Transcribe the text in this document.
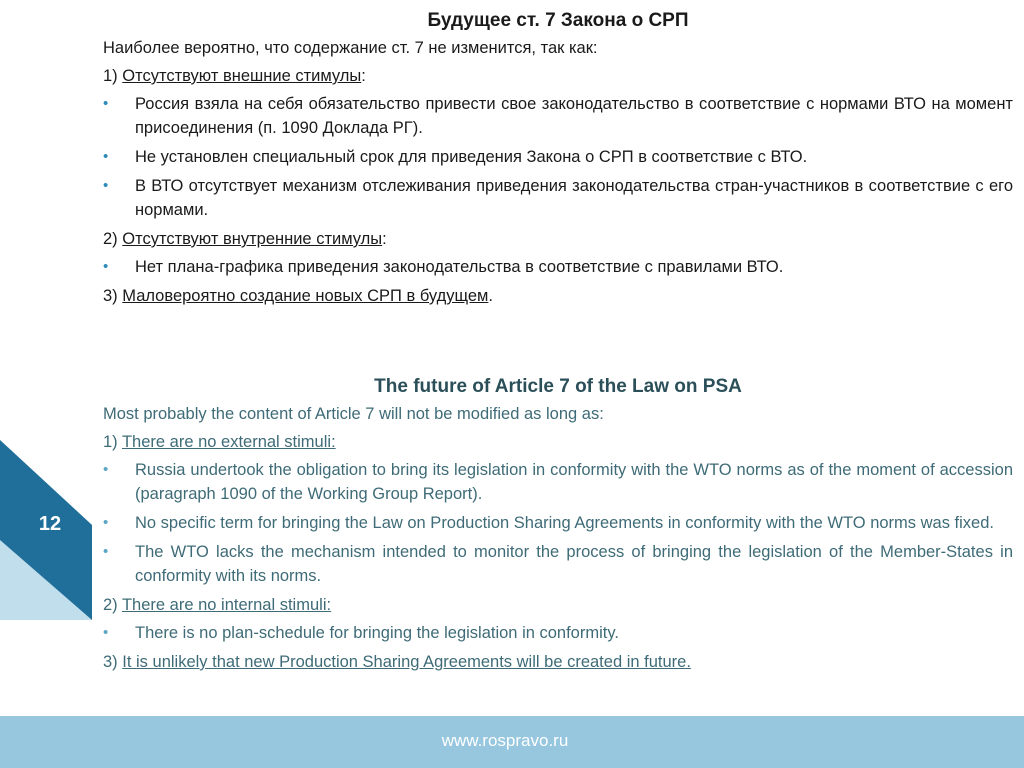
12
Будущее ст. 7 Закона о СРП
Наиболее вероятно, что содержание ст. 7 не изменится, так как:
1) Отсутствуют внешние стимулы:
• Россия взяла на себя обязательство привести свое законодательство в соответствие с нормами ВТО на момент присоединения (п. 1090 Доклада РГ).
• Не установлен специальный срок для приведения Закона о СРП в соответствие с ВТО.
• В ВТО отсутствует механизм отслеживания приведения законодательства стран-участников в соответствие с его нормами.
2) Отсутствуют внутренние стимулы:
• Нет плана-графика приведения законодательства в соответствие с правилами ВТО.
3) Маловероятно создание новых СРП в будущем.
The future of Article 7 of the Law on PSA
Most probably the content of Article 7 will not be modified as long as:
1) There are no external stimuli:
• Russia undertook the obligation to bring its legislation in conformity with the WTO norms as of the moment of accession (paragraph 1090 of the Working Group Report).
• No specific term for bringing the Law on Production Sharing Agreements in conformity with the WTO norms was fixed.
• The WTO lacks the mechanism intended to monitor the process of bringing the legislation of the Member-States in conformity with its norms.
2) There are no internal stimuli:
• There is no plan-schedule for bringing the legislation in conformity.
3) It is unlikely that new Production Sharing Agreements will be created in future.
www.rospravo.ru
